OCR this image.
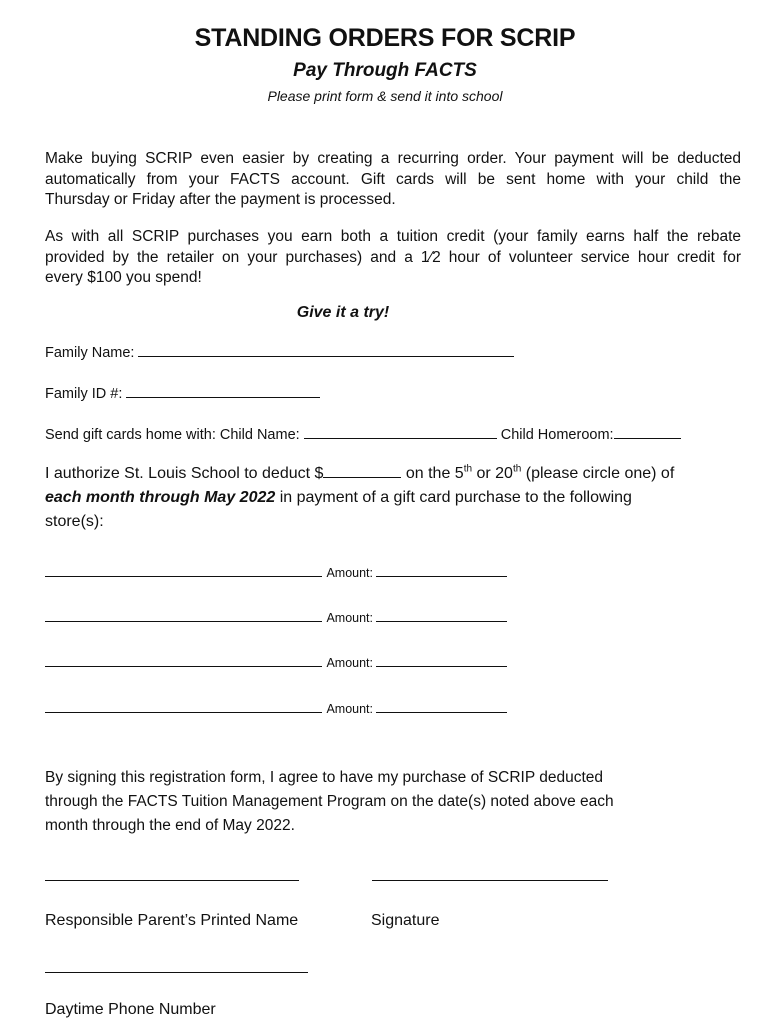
STANDING ORDERS FOR SCRIP
Pay Through FACTS
Please print form & send it into school
Make buying SCRIP even easier by creating a recurring order. Your payment will be deducted
automatically from your FACTS account. Gift cards will be sent home with your child the
Thursday or Friday after the payment is processed.
As with all SCRIP purchases you earn both a tuition credit (your family earns half the rebate
provided by the retailer on your purchases) and a 1⁄2 hour of volunteer service hour credit for
every $100 you spend!
Give it a try!
Family Name:
Family ID #:
Send gift cards home with: Child Name:	Child Homeroom:
I authorize St. Louis School to deduct $	on the 5th or 20th (please circle one) of
each month through May 2022 in payment of a gift card purchase to the following
store(s):
Amount:
Amount:
Amount:
Amount:
By signing this registration form, I agree to have my purchase of SCRIP deducted
through the FACTS Tuition Management Program on the date(s) noted above each
month through the end of May 2022.
Responsible Parent’s Printed Name	Signature
Daytime Phone Number
